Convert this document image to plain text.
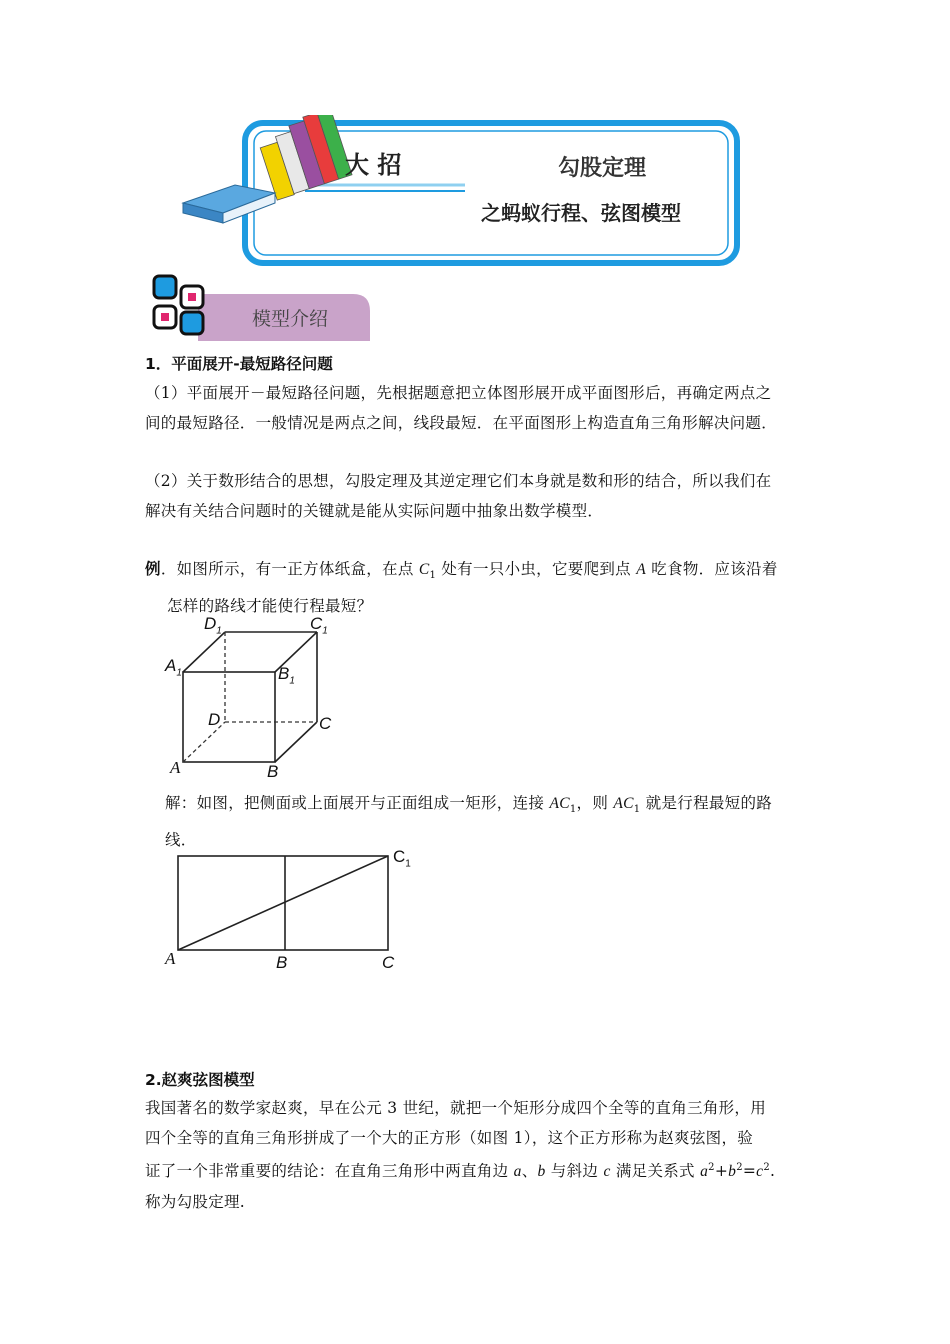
大 招	勾股定理
之蚂蚁行程、弦图模型
模型介绍
1．平面展开-最短路径问题
（1）平面展开－最短路径问题，先根据题意把立体图形展开成平面图形后，再确定两点之
间的最短路径．一般情况是两点之间，线段最短．在平面图形上构造直角三角形解决问题．
（2）关于数形结合的思想，勾股定理及其逆定理它们本身就是数和形的结合，所以我们在
解决有关结合问题时的关键就是能从实际问题中抽象出数学模型．
例．如图所示，有一正方体纸盒，在点 $C_1$ 处有一只小虫，它要爬到点 A 吃食物．应该沿着
怎样的路线才能使行程最短？
$D_1$	$C_1$
$A_1$	$B_1$
D	C
A	B
解：如图，把侧面或上面展开与正面组成一矩形，连接 $AC_1$，则 $AC_1$ 就是行程最短的路
线．
$C_1$
A	B	C
2.赵爽弦图模型
我国著名的数学家赵爽，早在公元 3 世纪，就把一个矩形分成四个全等的直角三角形，用
四个全等的直角三角形拼成了一个大的正方形（如图 1），这个正方形称为赵爽弦图，验
证了一个非常重要的结论：在直角三角形中两直角边 a、b 与斜边 c 满足关系式 $a^2+b^2=c^2$.
称为勾股定理.
